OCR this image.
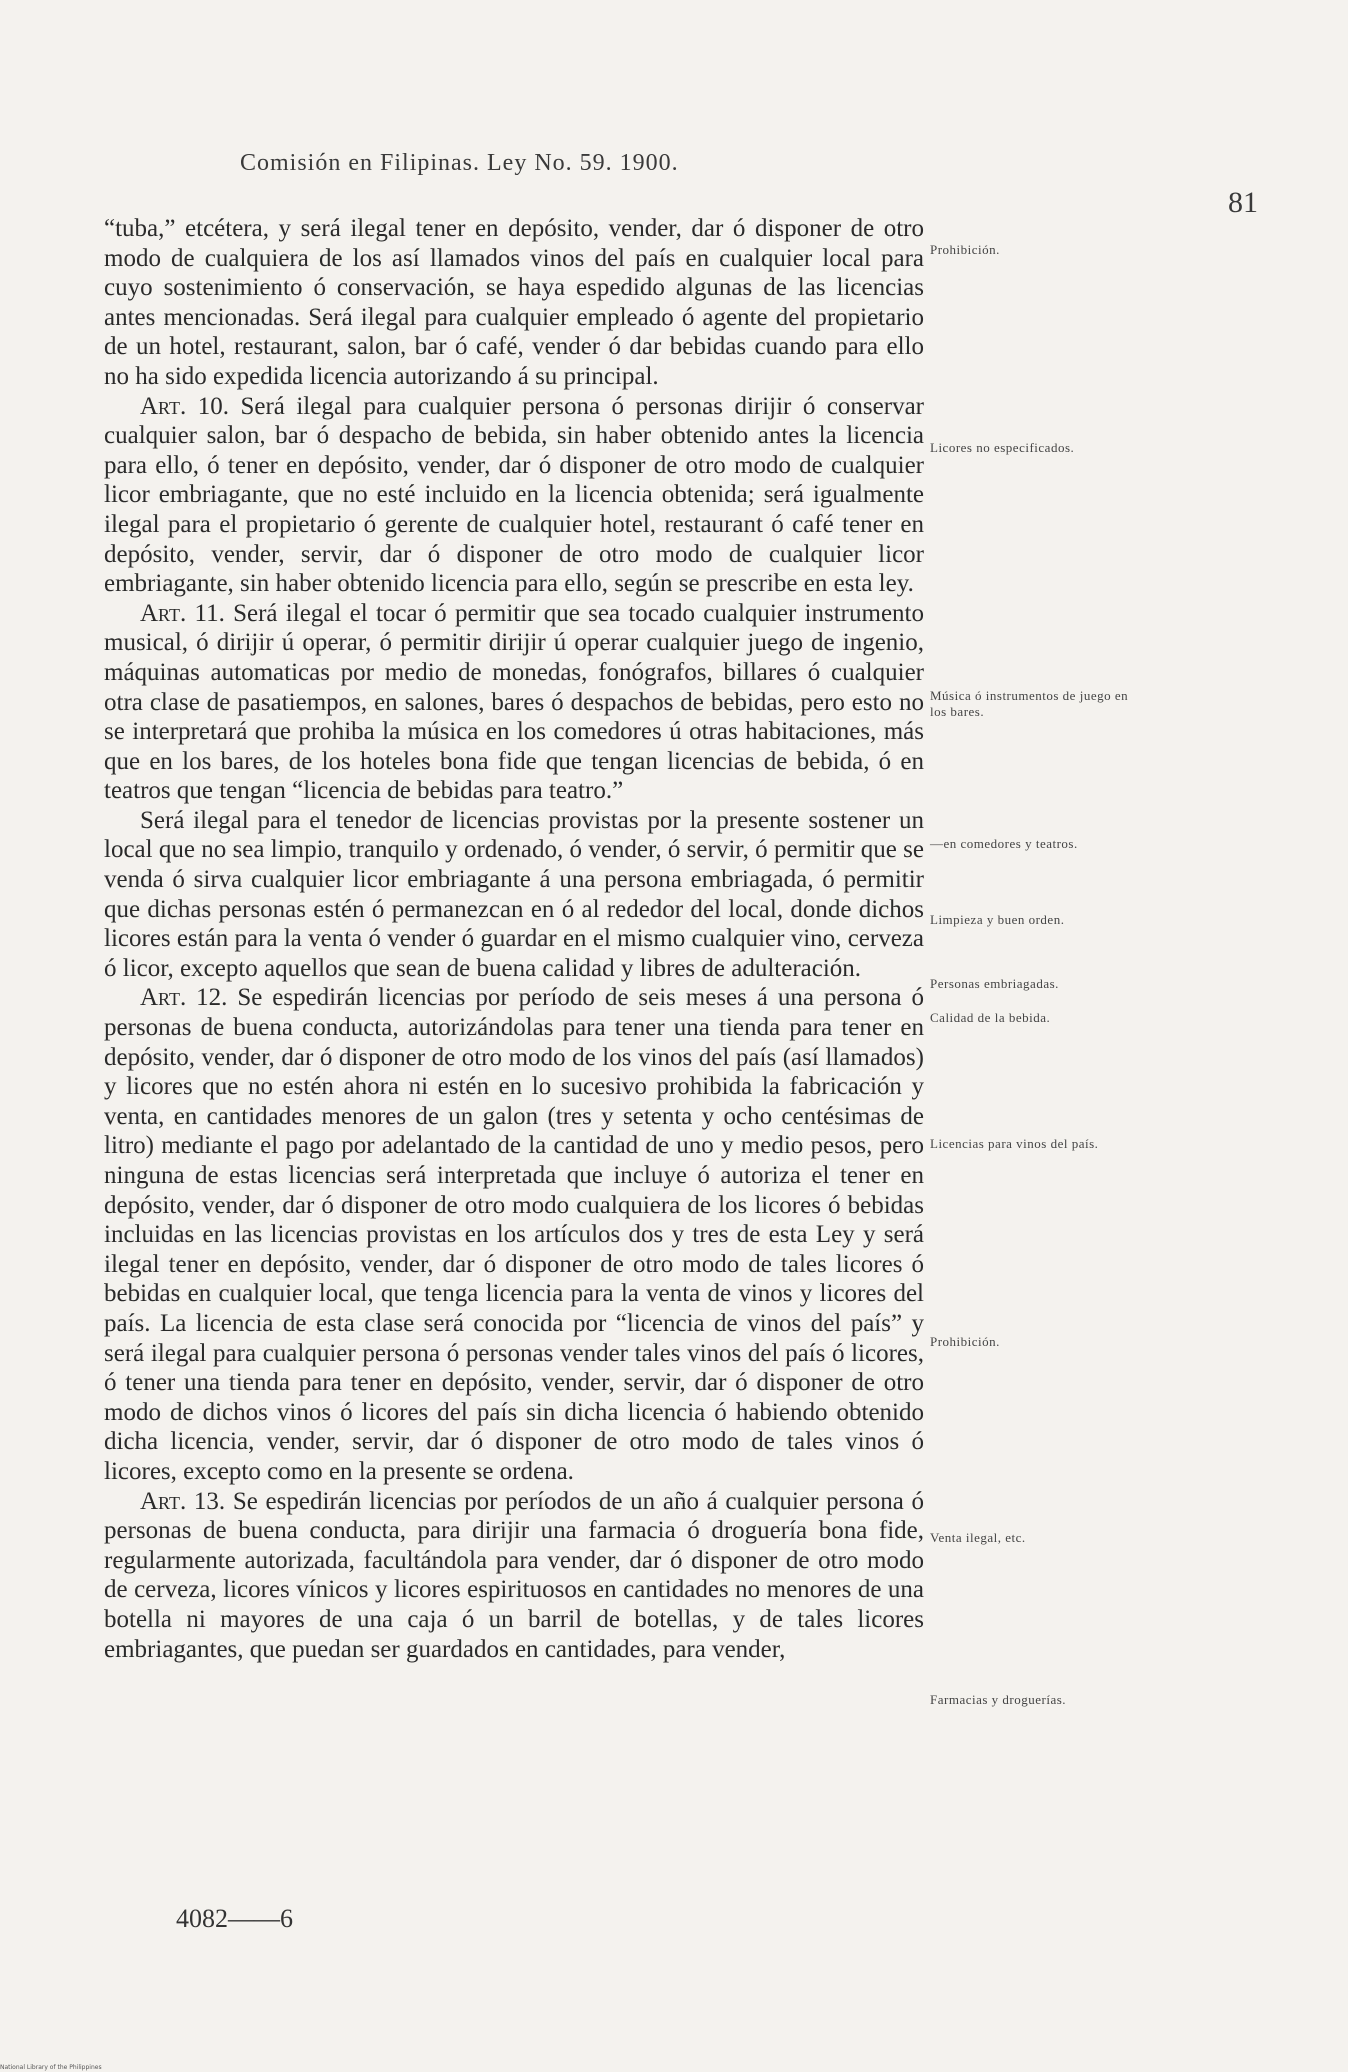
Comisión en Filipinas. Ley No. 59. 1900.
81

“tuba,” etcétera, y será ilegal tener en depósito, vender, dar ó disponer de otro modo de cualquiera de los así llamados vinos del país en cualquier local para cuyo sostenimiento ó conservación, se haya espedido algunas de las licencias antes mencionadas. Será ilegal para cualquier empleado ó agente del propietario de un hotel, restaurant, salon, bar ó café, vender ó dar bebidas cuando para ello no ha sido expedida licencia autorizando á su principal.

Art. 10. Será ilegal para cualquier persona ó personas dirijir ó conservar cualquier salon, bar ó despacho de bebida, sin haber obtenido antes la licencia para ello, ó tener en depósito, vender, dar ó disponer de otro modo de cualquier licor embriagante, que no esté incluido en la licencia obtenida; será igualmente ilegal para el propietario ó gerente de cualquier hotel, restaurant ó café tener en depósito, vender, servir, dar ó disponer de otro modo de cualquier licor embriagante, sin haber obtenido licencia para ello, según se prescribe en esta ley.

Art. 11. Será ilegal el tocar ó permitir que sea tocado cualquier instrumento musical, ó dirijir ú operar, ó permitir dirijir ú operar cualquier juego de ingenio, máquinas automaticas por medio de monedas, fonógrafos, billares ó cualquier otra clase de pasatiempos, en salones, bares ó despachos de bebidas, pero esto no se interpretará que prohiba la música en los comedores ú otras habitaciones, más que en los bares, de los hoteles bona fide que tengan licencias de bebida, ó en teatros que tengan “licencia de bebidas para teatro.”

Será ilegal para el tenedor de licencias provistas por la presente sostener un local que no sea limpio, tranquilo y ordenado, ó vender, ó servir, ó permitir que se venda ó sirva cualquier licor embriagante á una persona embriagada, ó permitir que dichas personas estén ó permanezcan en ó al rededor del local, donde dichos licores están para la venta ó vender ó guardar en el mismo cualquier vino, cerveza ó licor, excepto aquellos que sean de buena calidad y libres de adulteración.

Art. 12. Se espedirán licencias por período de seis meses á una persona ó personas de buena conducta, autorizándolas para tener una tienda para tener en depósito, vender, dar ó disponer de otro modo de los vinos del país (así llamados) y licores que no estén ahora ni estén en lo sucesivo prohibida la fabricación y venta, en cantidades menores de un galon (tres y setenta y ocho centésimas de litro) mediante el pago por adelantado de la cantidad de uno y medio pesos, pero ninguna de estas licencias será interpretada que incluye ó autoriza el tener en depósito, vender, dar ó disponer de otro modo cualquiera de los licores ó bebidas incluidas en las licencias provistas en los artículos dos y tres de esta Ley y será ilegal tener en depósito, vender, dar ó disponer de otro modo de tales licores ó bebidas en cualquier local, que tenga licencia para la venta de vinos y licores del país. La licencia de esta clase será conocida por “licencia de vinos del país” y será ilegal para cualquier persona ó personas vender tales vinos del país ó licores, ó tener una tienda para tener en depósito, vender, servir, dar ó disponer de otro modo de dichos vinos ó licores del país sin dicha licencia ó habiendo obtenido dicha licencia, vender, servir, dar ó disponer de otro modo de tales vinos ó licores, excepto como en la presente se ordena.

Art. 13. Se espedirán licencias por períodos de un año á cualquier persona ó personas de buena conducta, para dirijir una farmacia ó droguería bona fide, regularmente autorizada, facultándola para vender, dar ó disponer de otro modo de cerveza, licores vínicos y licores espirituosos en cantidades no menores de una botella ni mayores de una caja ó un barril de botellas, y de tales licores embriagantes, que puedan ser guardados en cantidades, para vender,

Prohibición.
Licores no especificados.
Música ó instrumentos de juego en los bares.
—en comedores y teatros.
Limpieza y buen orden.
Personas embriagadas.
Calidad de la bebida.
Licencias para vinos del país.
Prohibición.
Venta ilegal, etc.
Farmacias y droguerías.
4082——6
National Library of the Philippines
